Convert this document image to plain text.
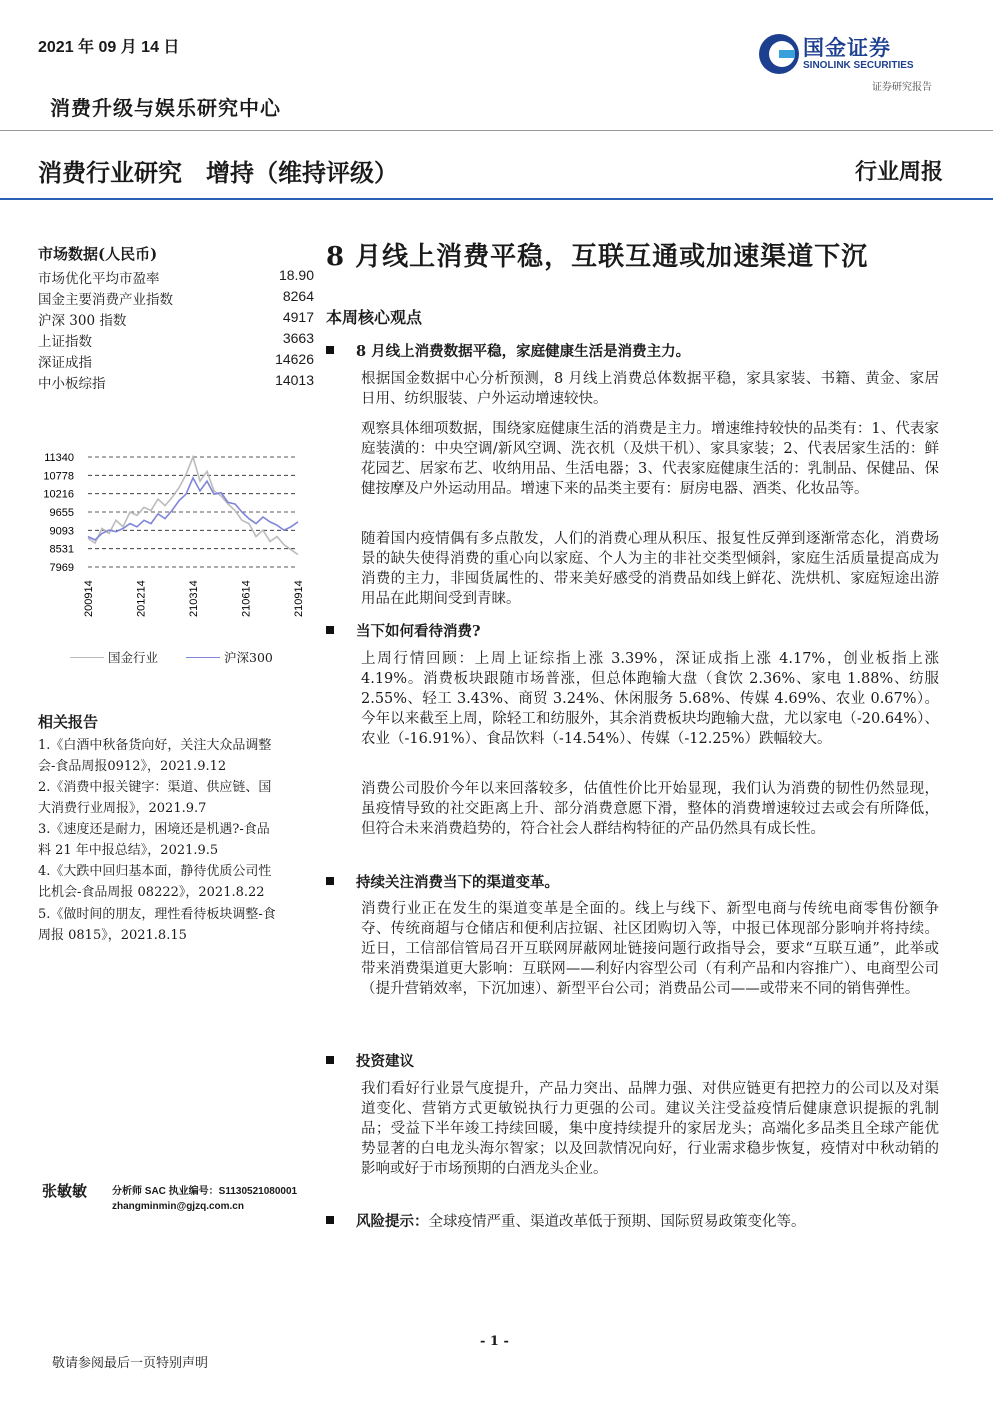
2021 年 09 月 14 日
消费升级与娱乐研究中心
国金证券
SINOLINK SECURITIES
证券研究报告
消费行业研究　增持（维持评级）	行业周报
市场数据(人民币)
市场优化平均市盈率	18.90
国金主要消费产业指数	8264
沪深 300 指数	4917
上证指数	3663
深证成指	14626
中小板综指	14013
11340
10778
10216
9655
9093
8531
7969
200914	201214	210314	210614	210914
国金行业
	沪深300
相关报告
1.《白酒中秋备货向好，关注大众品调整
会-食品周报0912》，2021.9.12
2.《消费中报关键字：渠道、供应链、国
大消费行业周报》，2021.9.7
3.《速度还是耐力，困境还是机遇?-食品
料 21 年中报总结》，2021.9.5
4.《大跌中回归基本面，静待优质公司性
比机会-食品周报 08222》，2021.8.22
5.《做时间的朋友，理性看待板块调整-食
周报 0815》，2021.8.15
张敏敏 分析师 SAC 执业编号：S1130521080001
zhangminmin@gjzq.com.cn
8 月线上消费平稳，互联互通或加速渠道下沉
本周核心观点
8 月线上消费数据平稳，家庭健康生活是消费主力。
根据国金数据中心分析预测，8 月线上消费总体数据平稳，家具家装、书籍、黄金、家居日用、纺织服装、户外运动增速较快。
观察具体细项数据，围绕家庭健康生活的消费是主力。增速维持较快的品类有：1、代表家庭装潢的：中央空调/新风空调、洗衣机（及烘干机）、家具家装；2、代表居家生活的：鲜花园艺、居家布艺、收纳用品、生活电器；3、代表家庭健康生活的：乳制品、保健品、保健按摩及户外运动用品。增速下来的品类主要有：厨房电器、酒类、化妆品等。
随着国内疫情偶有多点散发，人们的消费心理从积压、报复性反弹到逐渐常态化，消费场景的缺失使得消费的重心向以家庭、个人为主的非社交类型倾斜，家庭生活质量提高成为消费的主力，非囤货属性的、带来美好感受的消费品如线上鲜花、洗烘机、家庭短途出游用品在此期间受到青睐。
当下如何看待消费?
上周行情回顾：上周上证综指上涨 3.39%，深证成指上涨 4.17%，创业板指上涨 4.19%。消费板块跟随市场普涨，但总体跑输大盘（食饮 2.36%、家电 1.88%、纺服 2.55%、轻工 3.43%、商贸 3.24%、休闲服务 5.68%、传媒 4.69%、农业 0.67%）。今年以来截至上周，除轻工和纺服外，其余消费板块均跑输大盘，尤以家电（-20.64%）、农业（-16.91%）、食品饮料（-14.54%）、传媒（-12.25%）跌幅较大。
消费公司股价今年以来回落较多，估值性价比开始显现，我们认为消费的韧性仍然显现，虽疫情导致的社交距离上升、部分消费意愿下滑，整体的消费增速较过去或会有所降低，但符合未来消费趋势的，符合社会人群结构特征的产品仍然具有成长性。
持续关注消费当下的渠道变革。
消费行业正在发生的渠道变革是全面的。线上与线下、新型电商与传统电商零售份额争夺、传统商超与仓储店和便利店拉锯、社区团购切入等，中报已体现部分影响并将持续。近日，工信部信管局召开互联网屏蔽网址链接问题行政指导会，要求“互联互通”，此举或带来消费渠道更大影响：互联网——利好内容型公司（有利产品和内容推广）、电商型公司（提升营销效率，下沉加速）、新型平台公司；消费品公司——或带来不同的销售弹性。
投资建议
我们看好行业景气度提升，产品力突出、品牌力强、对供应链更有把控力的公司以及对渠道变化、营销方式更敏锐执行力更强的公司。建议关注受益疫情后健康意识提振的乳制品；受益下半年竣工持续回暖，集中度持续提升的家居龙头；高端化多品类且全球产能优势显著的白电龙头海尔智家；以及回款情况向好，行业需求稳步恢复，疫情对中秋动销的影响或好于市场预期的白酒龙头企业。
风险提示：全球疫情严重、渠道改革低于预期、国际贸易政策变化等。
- 1 -
敬请参阅最后一页特别声明
